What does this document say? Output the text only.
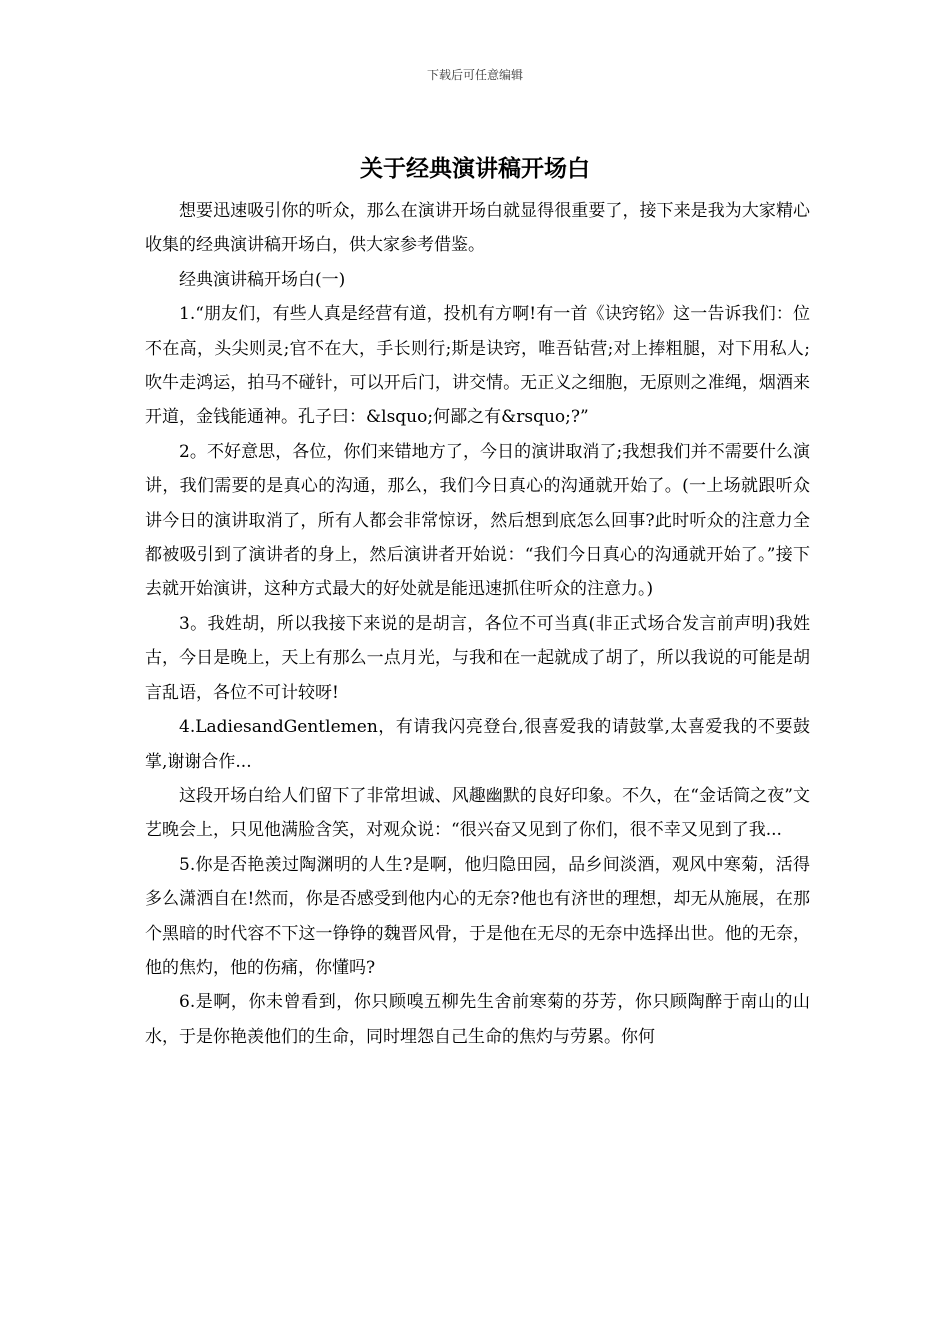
下载后可任意编辑
关于经典演讲稿开场白

想要迅速吸引你的听众，那么在演讲开场白就显得很重要了，接下来是我为大家精心收集的经典演讲稿开场白，供大家参考借鉴。

经典演讲稿开场白(一)

1.“朋友们，有些人真是经营有道，投机有方啊!有一首《诀窍铭》这一告诉我们：位不在高，头尖则灵;官不在大，手长则行;斯是诀窍，唯吾钻营;对上捧粗腿，对下用私人;吹牛走鸿运，拍马不碰针，可以开后门，讲交情。无正义之细胞，无原则之准绳，烟酒来开道，金钱能通神。孔子曰：&lsquo;何鄙之有&rsquo;?”

2。不好意思，各位，你们来错地方了，今日的演讲取消了;我想我们并不需要什么演讲，我们需要的是真心的沟通，那么，我们今日真心的沟通就开始了。(一上场就跟听众讲今日的演讲取消了，所有人都会非常惊讶，然后想到底怎么回事?此时听众的注意力全都被吸引到了演讲者的身上，然后演讲者开始说：“我们今日真心的沟通就开始了。”接下去就开始演讲，这种方式最大的好处就是能迅速抓住听众的注意力。)

3。我姓胡，所以我接下来说的是胡言，各位不可当真(非正式场合发言前声明)我姓古，今日是晚上，天上有那么一点月光，与我和在一起就成了胡了，所以我说的可能是胡言乱语，各位不可计较呀!

4.LadiesandGentlemen，有请我闪亮登台,很喜爱我的请鼓掌,太喜爱我的不要鼓掌,谢谢合作...

这段开场白给人们留下了非常坦诚、风趣幽默的良好印象。不久，在“金话筒之夜”文艺晚会上，只见他满脸含笑，对观众说：“很兴奋又见到了你们，很不幸又见到了我...

5.你是否艳羡过陶渊明的人生?是啊，他归隐田园，品乡间淡酒，观风中寒菊，活得多么潇洒自在!然而，你是否感受到他内心的无奈?他也有济世的理想，却无从施展，在那个黑暗的时代容不下这一铮铮的魏晋风骨，于是他在无尽的无奈中选择出世。他的无奈，他的焦灼，他的伤痛，你懂吗?

6.是啊，你未曾看到，你只顾嗅五柳先生舍前寒菊的芬芳，你只顾陶醉于南山的山水，于是你艳羡他们的生命，同时埋怨自己生命的焦灼与劳累。你何
